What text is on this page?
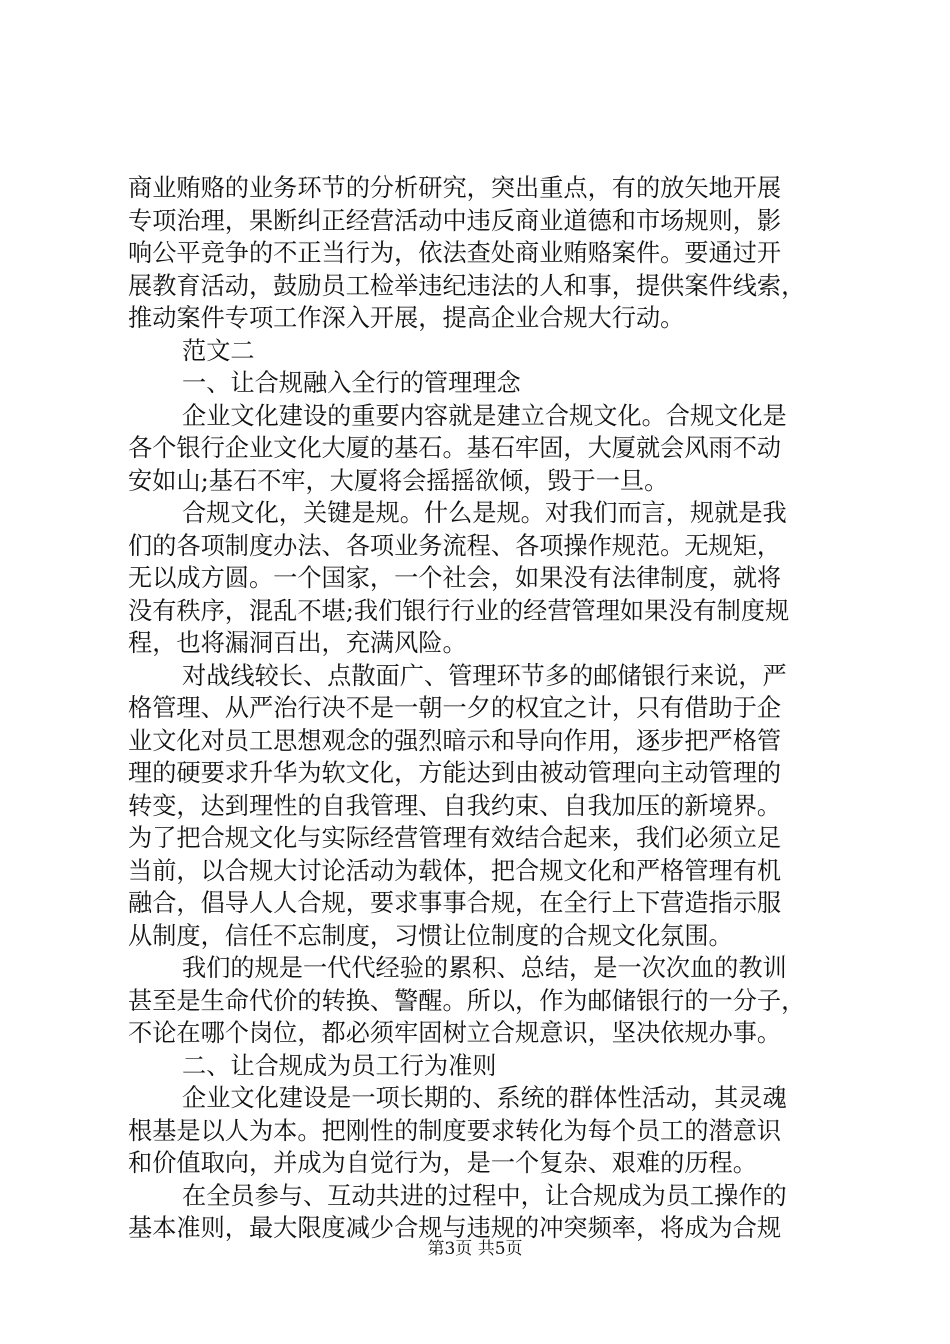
商业贿赂的业务环节的分析研究，突出重点，有的放矢地开展
专项治理，果断纠正经营活动中违反商业道德和市场规则，影
响公平竞争的不正当行为，依法查处商业贿赂案件。要通过开
展教育活动，鼓励员工检举违纪违法的人和事，提供案件线索，
推动案件专项工作深入开展，提高企业合规大行动。
范文二
一、让合规融入全行的管理理念
企业文化建设的重要内容就是建立合规文化。合规文化是
各个银行企业文化大厦的基石。基石牢固，大厦就会风雨不动
安如山;基石不牢，大厦将会摇摇欲倾，毁于一旦。
合规文化，关键是规。什么是规。对我们而言，规就是我
们的各项制度办法、各项业务流程、各项操作规范。无规矩，
无以成方圆。一个国家，一个社会，如果没有法律制度，就将
没有秩序，混乱不堪;我们银行行业的经营管理如果没有制度规
程，也将漏洞百出，充满风险。
对战线较长、点散面广、管理环节多的邮储银行来说，严
格管理、从严治行决不是一朝一夕的权宜之计，只有借助于企
业文化对员工思想观念的强烈暗示和导向作用，逐步把严格管
理的硬要求升华为软文化，方能达到由被动管理向主动管理的
转变，达到理性的自我管理、自我约束、自我加压的新境界。
为了把合规文化与实际经营管理有效结合起来，我们必须立足
当前，以合规大讨论活动为载体，把合规文化和严格管理有机
融合，倡导人人合规，要求事事合规，在全行上下营造指示服
从制度，信任不忘制度，习惯让位制度的合规文化氛围。
我们的规是一代代经验的累积、总结，是一次次血的教训
甚至是生命代价的转换、警醒。所以，作为邮储银行的一分子，
不论在哪个岗位，都必须牢固树立合规意识，坚决依规办事。
二、让合规成为员工行为准则
企业文化建设是一项长期的、系统的群体性活动，其灵魂
根基是以人为本。把刚性的制度要求转化为每个员工的潜意识
和价值取向，并成为自觉行为，是一个复杂、艰难的历程。
在全员参与、互动共进的过程中，让合规成为员工操作的
基本准则，最大限度减少合规与违规的冲突频率，将成为合规
第3页 共5页
